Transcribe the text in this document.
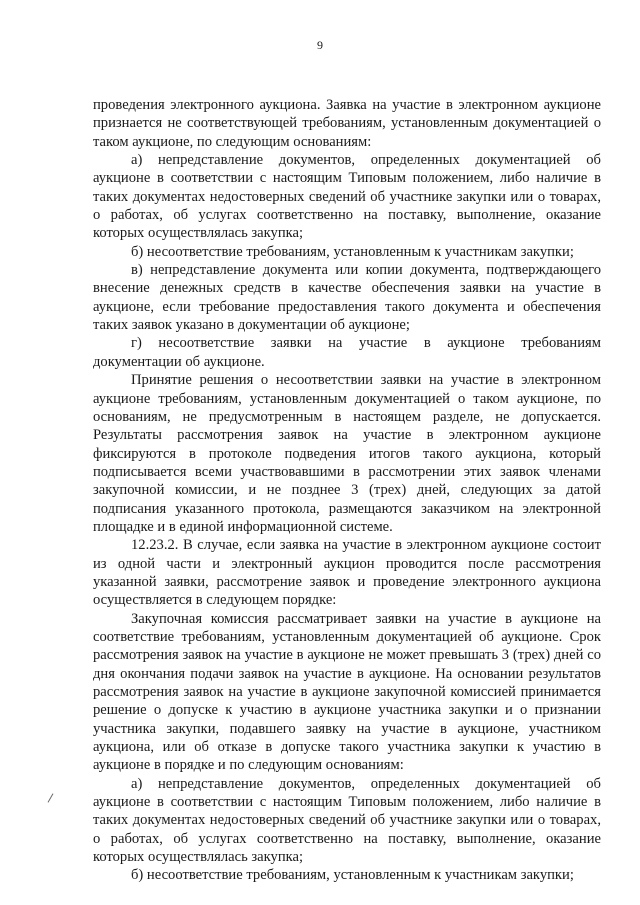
9

проведения электронного аукциона. Заявка на участие в электронном аукционе признается не соответствующей требованиям, установленным документацией о таком аукционе, по следующим основаниям:

а) непредставление документов, определенных документацией об аукционе в соответствии с настоящим Типовым положением, либо наличие в таких документах недостоверных сведений об участнике закупки или о товарах, о работах, об услугах соответственно на поставку, выполнение, оказание которых осуществлялась закупка;

б) несоответствие требованиям, установленным к участникам закупки;

в) непредставление документа или копии документа, подтверждающего внесение денежных средств в качестве обеспечения заявки на участие в аукционе, если требование предоставления такого документа и обеспечения таких заявок указано в документации об аукционе;

г) несоответствие заявки на участие в аукционе требованиям документации об аукционе.

Принятие решения о несоответствии заявки на участие в электронном аукционе требованиям, установленным документацией о таком аукционе, по основаниям, не предусмотренным в настоящем разделе, не допускается. Результаты рассмотрения заявок на участие в электронном аукционе фиксируются в протоколе подведения итогов такого аукциона, который подписывается всеми участвовавшими в рассмотрении этих заявок членами закупочной комиссии, и не позднее 3 (трех) дней, следующих за датой подписания указанного протокола, размещаются заказчиком на электронной площадке и в единой информационной системе.

12.23.2. В случае, если заявка на участие в электронном аукционе состоит из одной части и электронный аукцион проводится после рассмотрения указанной заявки, рассмотрение заявок и проведение электронного аукциона осуществляется в следующем порядке:

Закупочная комиссия рассматривает заявки на участие в аукционе на соответствие требованиям, установленным документацией об аукционе. Срок рассмотрения заявок на участие в аукционе не может превышать 3 (трех) дней со дня окончания подачи заявок на участие в аукционе. На основании результатов рассмотрения заявок на участие в аукционе закупочной комиссией принимается решение о допуске к участию в аукционе участника закупки и о признании участника закупки, подавшего заявку на участие в аукционе, участником аукциона, или об отказе в допуске такого участника закупки к участию в аукционе в порядке и по следующим основаниям:

а) непредставление документов, определенных документацией об аукционе в соответствии с настоящим Типовым положением, либо наличие в таких документах недостоверных сведений об участнике закупки или о товарах, о работах, об услугах соответственно на поставку, выполнение, оказание которых осуществлялась закупка;

б) несоответствие требованиям, установленным к участникам закупки;
